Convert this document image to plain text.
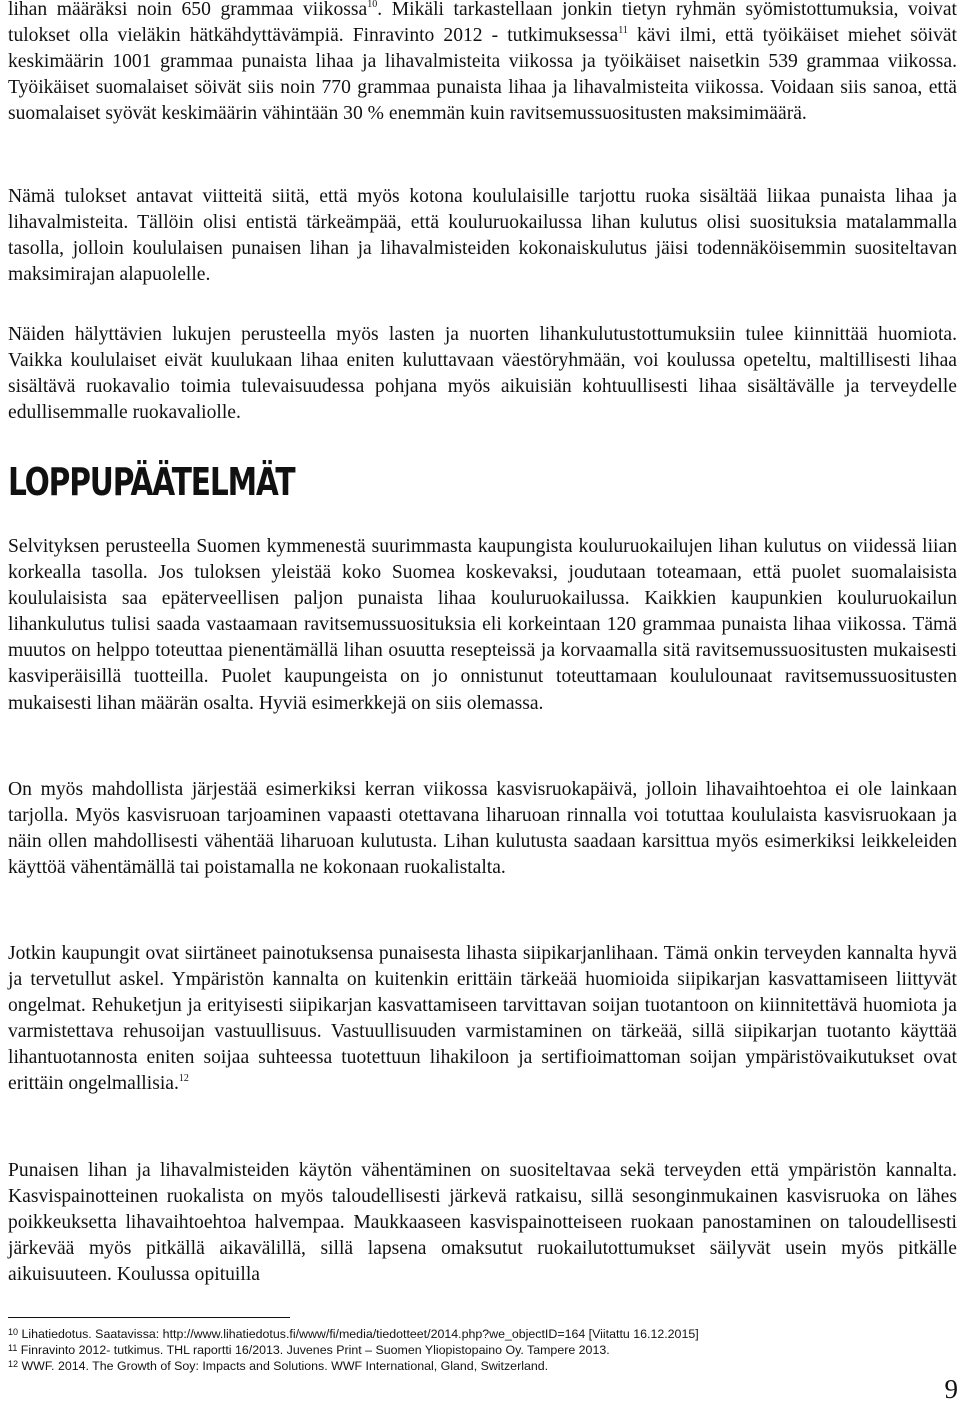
lihan määräksi noin 650 grammaa viikossa$^{10}$. Mikäli tarkastellaan jonkin tietyn ryhmän syömistottumuksia, voivat tulokset olla vieläkin hätkähdyttävämpiä. Finravinto 2012 - tutkimuksessa$^{11}$ kävi ilmi, että työikäiset miehet söivät keskimäärin 1001 grammaa punaista lihaa ja lihavalmisteita viikossa ja työikäiset naisetkin 539 grammaa viikossa. Työikäiset suomalaiset söivät siis noin 770 grammaa punaista lihaa ja lihavalmisteita viikossa. Voidaan siis sanoa, että suomalaiset syövät keskimäärin vähintään 30 % enemmän kuin ravitsemussuositusten maksimimäärä.

Nämä tulokset antavat viitteitä siitä, että myös kotona koululaisille tarjottu ruoka sisältää liikaa punaista lihaa ja lihavalmisteita. Tällöin olisi entistä tärkeämpää, että kouluruokailussa lihan kulutus olisi suosituksia matalammalla tasolla, jolloin koululaisen punaisen lihan ja lihavalmisteiden kokonaiskulutus jäisi todennäköisemmin suositeltavan maksimirajan alapuolelle.

Näiden hälyttävien lukujen perusteella myös lasten ja nuorten lihankulutustottumuksiin tulee kiinnittää huomiota. Vaikka koululaiset eivät kuulukaan lihaa eniten kuluttavaan väestöryhmään, voi koulussa opeteltu, maltillisesti lihaa sisältävä ruokavalio toimia tulevaisuudessa pohjana myös aikuisiän kohtuullisesti lihaa sisältävälle ja terveydelle edullisemmalle ruokavaliolle.

LOPPUPÄÄTELMÄT

Selvityksen perusteella Suomen kymmenestä suurimmasta kaupungista kouluruokailujen lihan kulutus on viidessä liian korkealla tasolla. Jos tuloksen yleistää koko Suomea koskevaksi, joudutaan toteamaan, että puolet suomalaisista koululaisista saa epäterveellisen paljon punaista lihaa kouluruokailussa. Kaikkien kaupunkien kouluruokailun lihankulutus tulisi saada vastaamaan ravitsemussuosituksia eli korkeintaan 120 grammaa punaista lihaa viikossa. Tämä muutos on helppo toteuttaa pienentämällä lihan osuutta resepteissä ja korvaamalla sitä ravitsemussuositusten mukaisesti kasviperäisillä tuotteilla. Puolet kaupungeista on jo onnistunut toteuttamaan koululounaat ravitsemussuositusten mukaisesti lihan määrän osalta. Hyviä esimerkkejä on siis olemassa.

On myös mahdollista järjestää esimerkiksi kerran viikossa kasvisruokapäivä, jolloin lihavaihtoehtoa ei ole lainkaan tarjolla. Myös kasvisruoan tarjoaminen vapaasti otettavana liharuoan rinnalla voi totuttaa koululaista kasvisruokaan ja näin ollen mahdollisesti vähentää liharuoan kulutusta. Lihan kulutusta saadaan karsittua myös esimerkiksi leikkeleiden käyttöä vähentämällä tai poistamalla ne kokonaan ruokalistalta.

Jotkin kaupungit ovat siirtäneet painotuksensa punaisesta lihasta siipikarjanlihaan. Tämä onkin terveyden kannalta hyvä ja tervetullut askel. Ympäristön kannalta on kuitenkin erittäin tärkeää huomioida siipikarjan kasvattamiseen liittyvät ongelmat. Rehuketjun ja erityisesti siipikarjan kasvattamiseen tarvittavan soijan tuotantoon on kiinnitettävä huomiota ja varmistettava rehusoijan vastuullisuus. Vastuullisuuden varmistaminen on tärkeää, sillä siipikarjan tuotanto käyttää lihantuotannosta eniten soijaa suhteessa tuotettuun lihakiloon ja sertifioimattoman soijan ympäristövaikutukset ovat erittäin ongelmallisia.$^{12}$

Punaisen lihan ja lihavalmisteiden käytön vähentäminen on suositeltavaa sekä terveyden että ympäristön kannalta. Kasvispainotteinen ruokalista on myös taloudellisesti järkevä ratkaisu, sillä sesonginmukainen kasvisruoka on lähes poikkeuksetta lihavaihtoehtoa halvempaa. Maukkaaseen kasvispainotteiseen ruokaan panostaminen on taloudellisesti järkevää myös pitkällä aikavälillä, sillä lapsena omaksutut ruokailutottumukset säilyvät usein myös pitkälle aikuisuuteen. Koulussa opituilla

$^{10}$ Lihatiedotus. Saatavissa: http://www.lihatiedotus.fi/www/fi/media/tiedotteet/2014.php?we_objectID=164 [Viitattu 16.12.2015]

$^{11}$ Finravinto 2012- tutkimus. THL raportti 16/2013. Juvenes Print – Suomen Yliopistopaino Oy. Tampere 2013.

$^{12}$ WWF. 2014. The Growth of Soy: Impacts and Solutions. WWF International, Gland, Switzerland.

9
